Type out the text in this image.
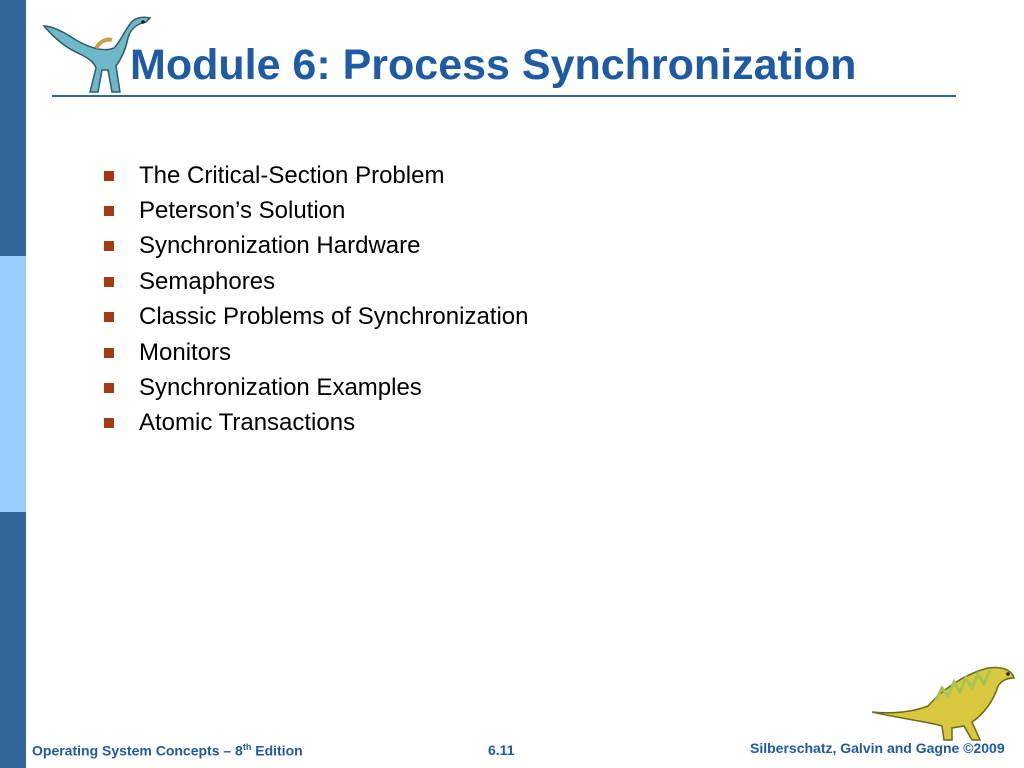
Module 6: Process Synchronization
The Critical-Section Problem
Peterson’s Solution
Synchronization Hardware
Semaphores
Classic Problems of Synchronization
Monitors
Synchronization Examples
Atomic Transactions
Operating System Concepts – 8th Edition	6.11	Silberschatz, Galvin and Gagne ©2009
